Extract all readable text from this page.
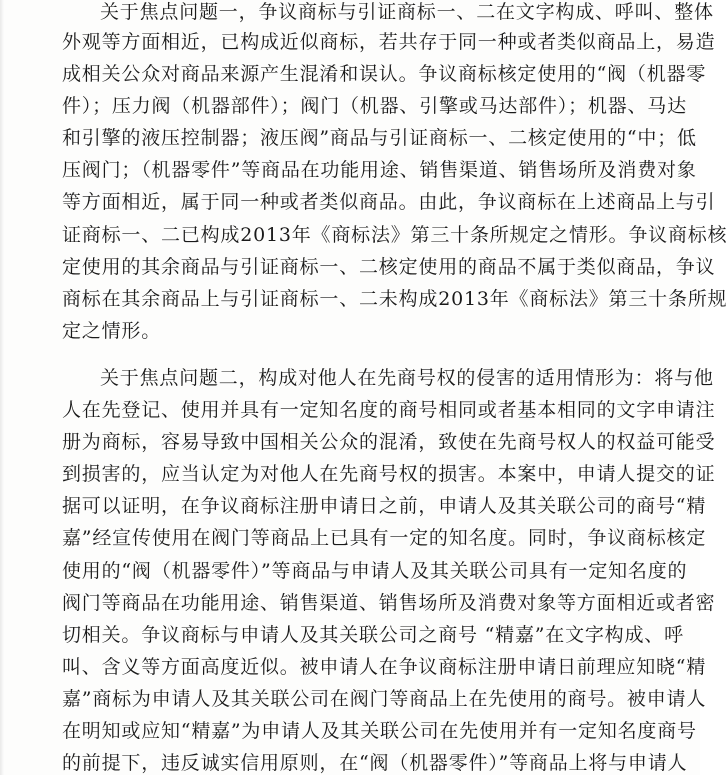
关于焦点问题一，争议商标与引证商标一、二在文字构成、呼叫、整体
外观等方面相近，已构成近似商标，若共存于同一种或者类似商品上，易造
成相关公众对商品来源产生混淆和误认。争议商标核定使用的“阀（机器零
件）；压力阀（机器部件）；阀门（机器、引擎或马达部件）；机器、马达
和引擎的液压控制器；液压阀”商品与引证商标一、二核定使用的“中；低
压阀门；（机器零件”等商品在功能用途、销售渠道、销售场所及消费对象
等方面相近，属于同一种或者类似商品。由此，争议商标在上述商品上与引
证商标一、二已构成2013年《商标法》第三十条所规定之情形。争议商标核
定使用的其余商品与引证商标一、二核定使用的商品不属于类似商品，争议
商标在其余商品上与引证商标一、二未构成2013年《商标法》第三十条所规
定之情形。
关于焦点问题二，构成对他人在先商号权的侵害的适用情形为：将与他
人在先登记、使用并具有一定知名度的商号相同或者基本相同的文字申请注
册为商标，容易导致中国相关公众的混淆，致使在先商号权人的权益可能受
到损害的，应当认定为对他人在先商号权的损害。本案中，申请人提交的证
据可以证明，在争议商标注册申请日之前，申请人及其关联公司的商号“精
嘉”经宣传使用在阀门等商品上已具有一定的知名度。同时，争议商标核定
使用的“阀（机器零件）”等商品与申请人及其关联公司具有一定知名度的
阀门等商品在功能用途、销售渠道、销售场所及消费对象等方面相近或者密
切相关。争议商标与申请人及其关联公司之商号 “精嘉”在文字构成、呼
叫、含义等方面高度近似。被申请人在争议商标注册申请日前理应知晓“精
嘉”商标为申请人及其关联公司在阀门等商品上在先使用的商号。被申请人
在明知或应知“精嘉”为申请人及其关联公司在先使用并有一定知名度商号
的前提下，违反诚实信用原则，在“阀（机器零件）”等商品上将与申请人
